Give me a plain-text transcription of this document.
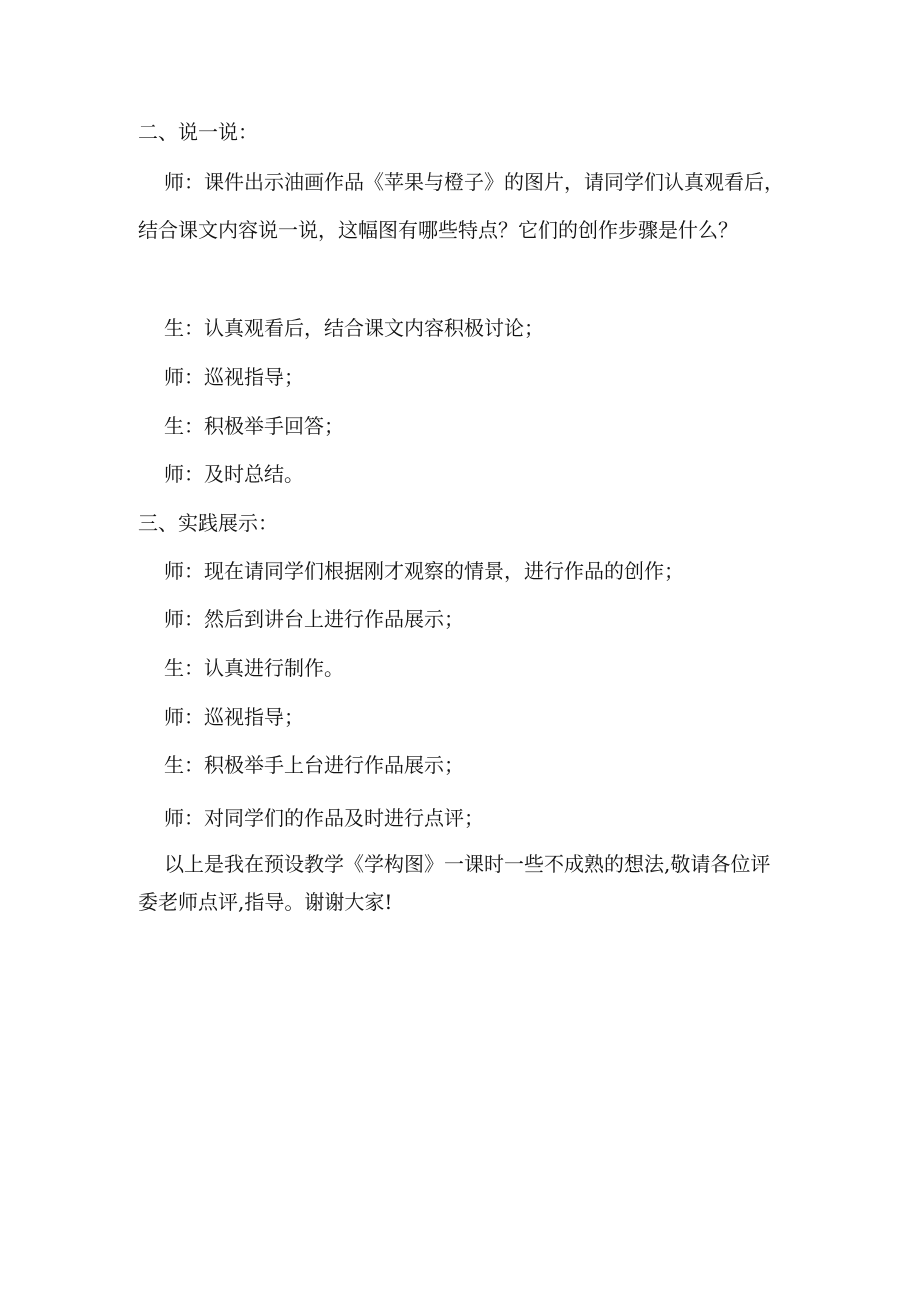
二、说一说：
师：课件出示油画作品《苹果与橙子》的图片，请同学们认真观看后，结合课文内容说一说，这幅图有哪些特点？它们的创作步骤是什么？
生：认真观看后，结合课文内容积极讨论；
师：巡视指导；
生：积极举手回答；
师：及时总结。
三、实践展示：
师：现在请同学们根据刚才观察的情景，进行作品的创作；
师：然后到讲台上进行作品展示；
生：认真进行制作。
师：巡视指导；
生：积极举手上台进行作品展示；
师：对同学们的作品及时进行点评；
以上是我在预设教学《学构图》一课时一些不成熟的想法,敬请各位评委老师点评,指导。谢谢大家!
